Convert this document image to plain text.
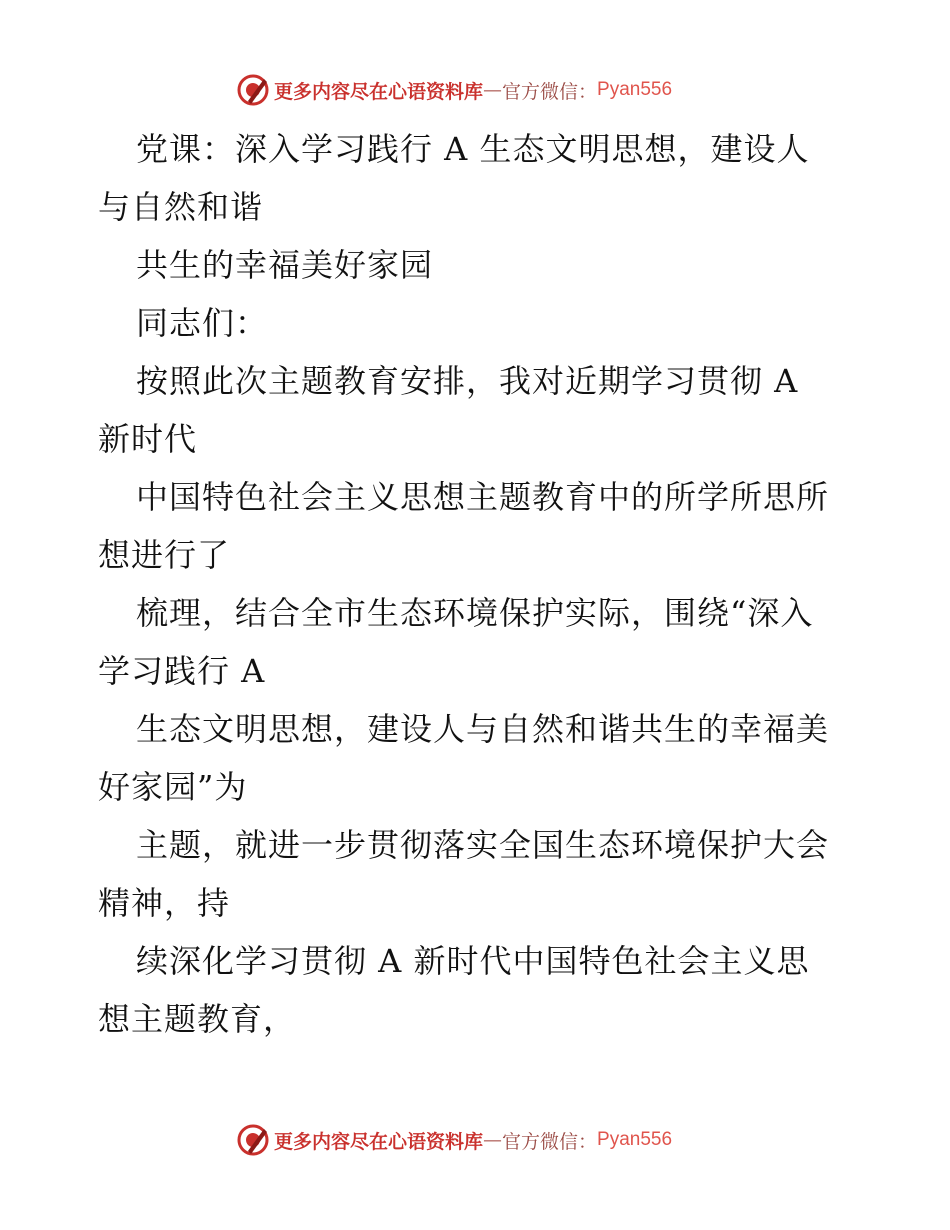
更多内容尽在心语资料库 — 官方微信： Pyan556
党课：深入学习践行 A 生态文明思想，建设人
与自然和谐
共生的幸福美好家园
同志们：
按照此次主题教育安排，我对近期学习贯彻 A
新时代
中国特色社会主义思想主题教育中的所学所思所
想进行了
梳理，结合全市生态环境保护实际，围绕“深入
学习践行 A
生态文明思想，建设人与自然和谐共生的幸福美
好家园”为
主题，就进一步贯彻落实全国生态环境保护大会
精神，持
续深化学习贯彻 A 新时代中国特色社会主义思
想主题教育，
更多内容尽在心语资料库 — 官方微信： Pyan556
